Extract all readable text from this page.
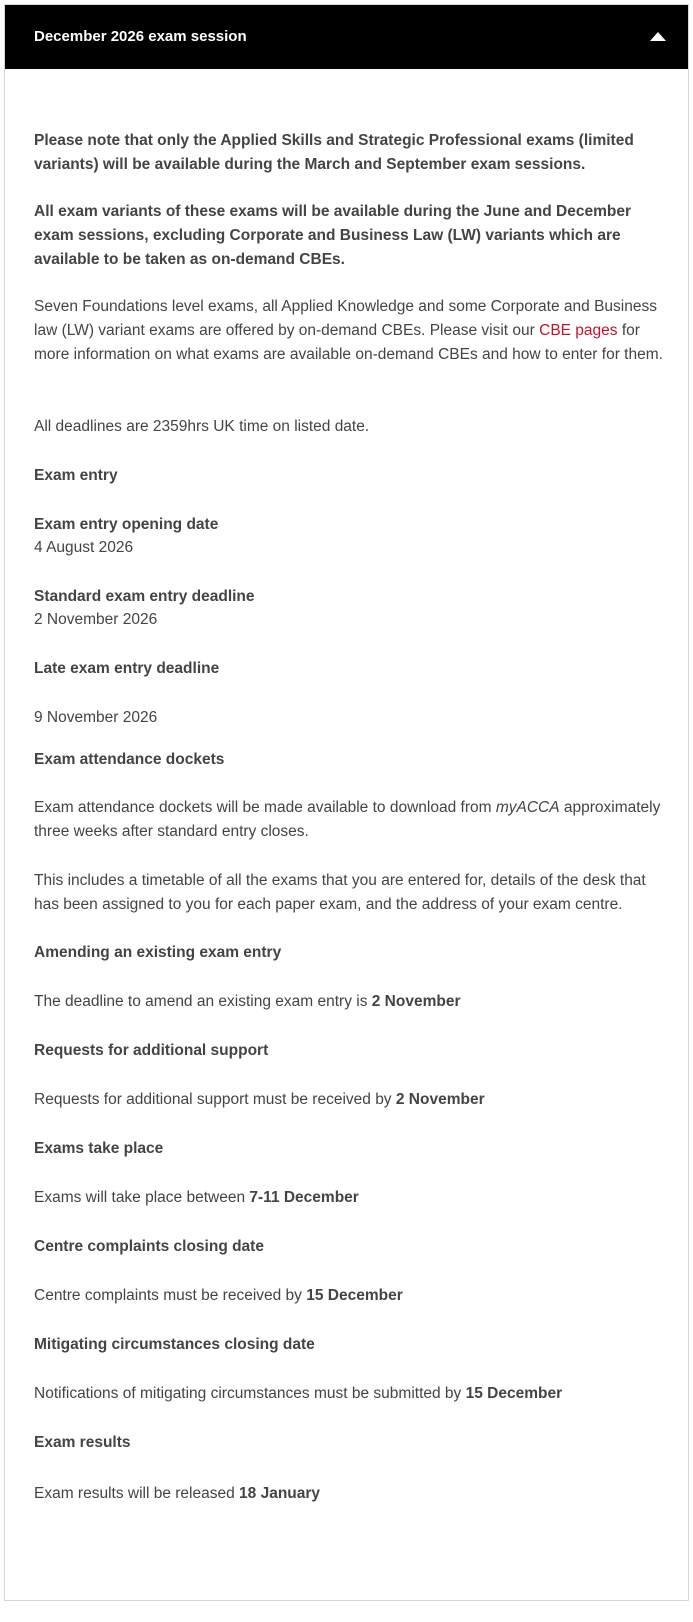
December 2026 exam session
Please note that only the Applied Skills and Strategic Professional exams (limited variants) will be available during the March and September exam sessions.
All exam variants of these exams will be available during the June and December exam sessions, excluding Corporate and Business Law (LW) variants which are available to be taken as on-demand CBEs.
Seven Foundations level exams, all Applied Knowledge and some Corporate and Business law (LW) variant exams are offered by on-demand CBEs. Please visit our CBE pages for more information on what exams are available on-demand CBEs and how to enter for them.
All deadlines are 2359hrs UK time on listed date.
Exam entry
Exam entry opening date
4 August 2026
Standard exam entry deadline
2 November 2026
Late exam entry deadline
9 November 2026
Exam attendance dockets
Exam attendance dockets will be made available to download from myACCA approximately three weeks after standard entry closes.
This includes a timetable of all the exams that you are entered for, details of the desk that has been assigned to you for each paper exam, and the address of your exam centre.
Amending an existing exam entry
The deadline to amend an existing exam entry is 2 November
Requests for additional support
Requests for additional support must be received by 2 November
Exams take place
Exams will take place between 7-11 December
Centre complaints closing date
Centre complaints must be received by 15 December
Mitigating circumstances closing date
Notifications of mitigating circumstances must be submitted by 15 December
Exam results
Exam results will be released 18 January
